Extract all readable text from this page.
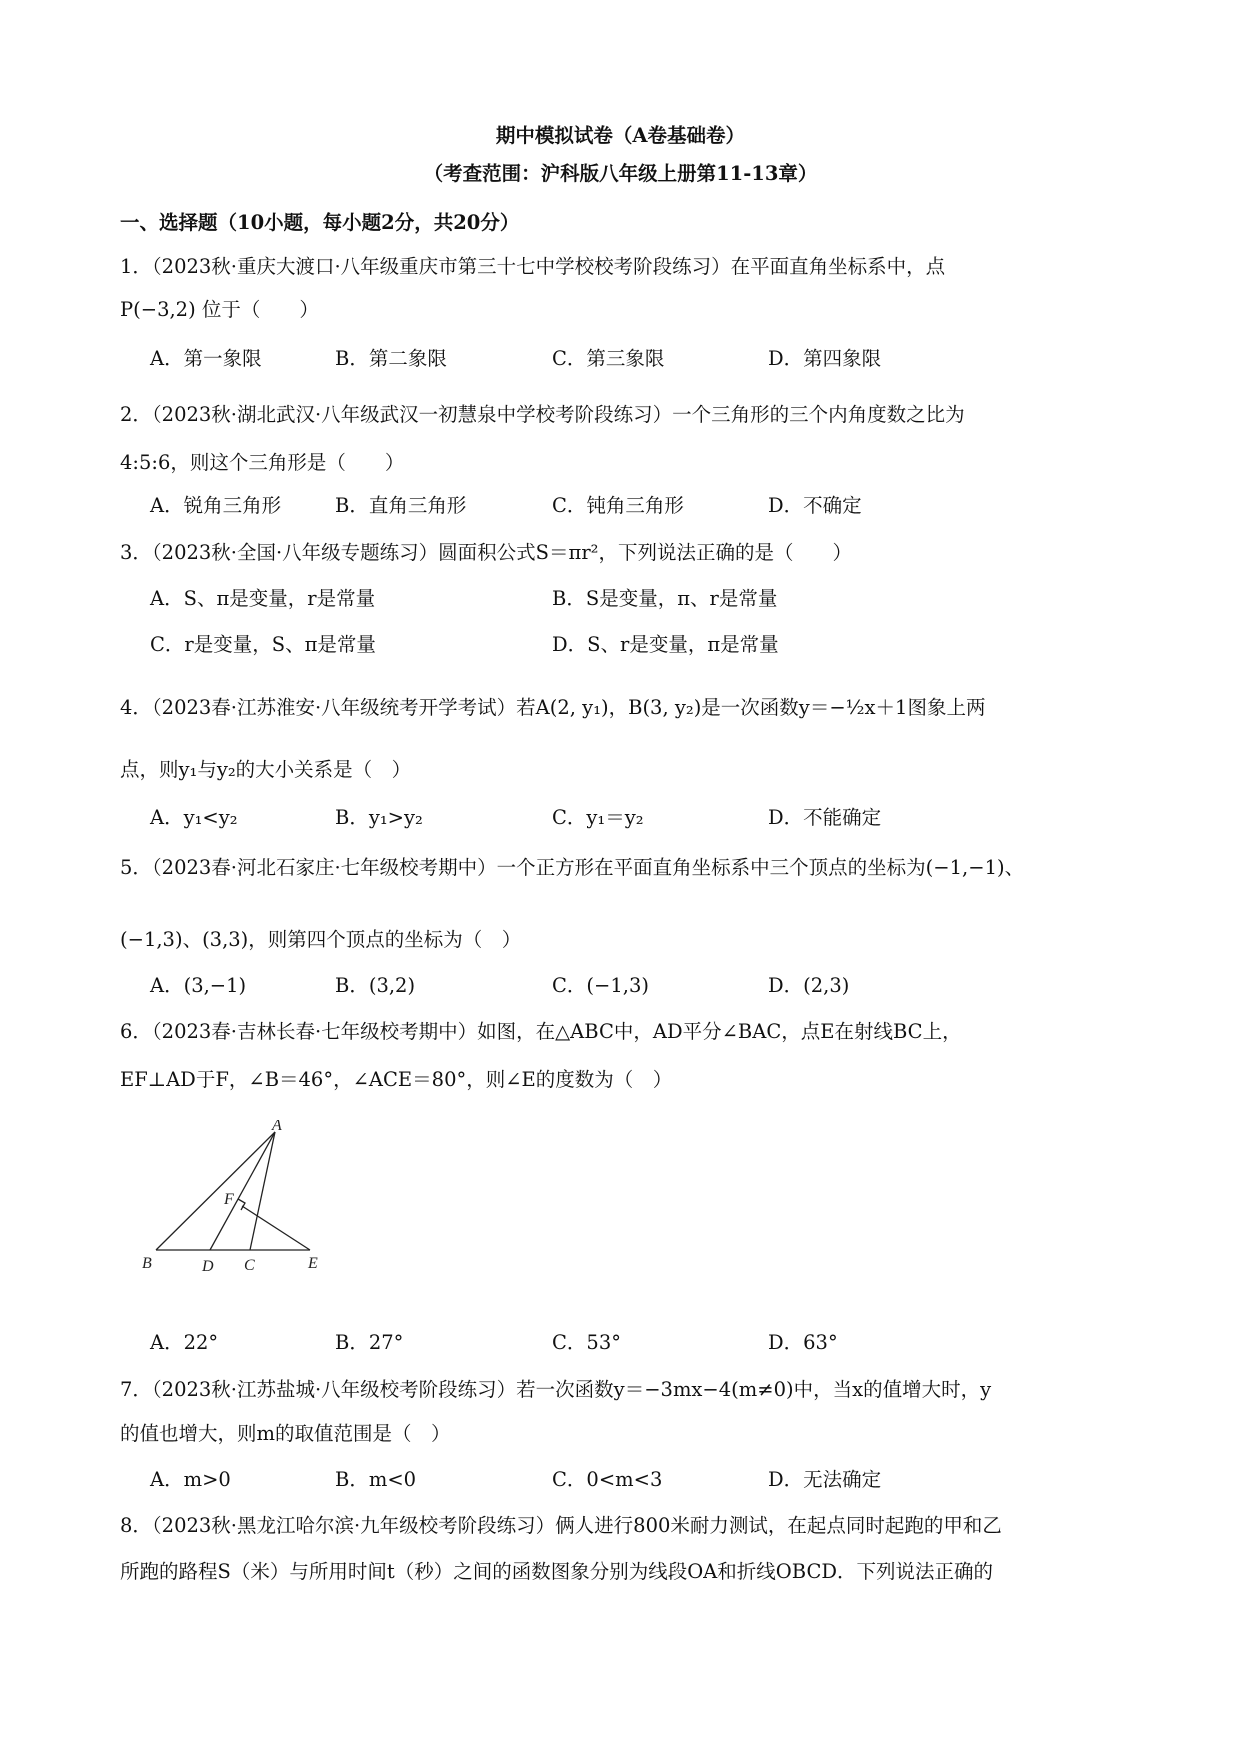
期中模拟试卷（A卷基础卷）
（考查范围：沪科版八年级上册第11-13章）
一、选择题（10小题，每小题2分，共20分）
1．（2023秋·重庆大渡口·八年级重庆市第三十七中学校校考阶段练习）在平面直角坐标系中，点
P(−3,2) 位于（　　）
A．第一象限	B．第二象限	C．第三象限	D．第四象限
2．（2023秋·湖北武汉·八年级武汉一初慧泉中学校考阶段练习）一个三角形的三个内角度数之比为
4:5:6，则这个三角形是（　　）
A．锐角三角形	B．直角三角形	C．钝角三角形	D．不确定
3．（2023秋·全国·八年级专题练习）圆面积公式S＝πr²，下列说法正确的是（　　）
A．S、π是变量，r是常量	B．S是变量，π、r是常量
C．r是变量，S、π是常量	D．S、r是变量，π是常量
4．（2023春·江苏淮安·八年级统考开学考试）若A(2, y₁)，B(3, y₂)是一次函数y＝−½x＋1图象上两
点，则y₁与y₂的大小关系是（　）
A．y₁<y₂	B．y₁>y₂	C．y₁＝y₂	D．不能确定
5．（2023春·河北石家庄·七年级校考期中）一个正方形在平面直角坐标系中三个顶点的坐标为(−1,−1)、
(−1,3)、(3,3)，则第四个顶点的坐标为（　）
A．(3,−1)	B．(3,2)	C．(−1,3)	D．(2,3)
6．（2023春·吉林长春·七年级校考期中）如图，在△ABC中，AD平分∠BAC，点E在射线BC上，
EF⊥AD于F，∠B＝46°，∠ACE＝80°，则∠E的度数为（　）
A
F
B	D C	E
A．22°	B．27°	C．53°	D．63°
7．（2023秋·江苏盐城·八年级校考阶段练习）若一次函数y＝−3mx−4(m≠0)中，当x的值增大时，y
的值也增大，则m的取值范围是（　）
A．m>0	B．m<0	C．0<m<3	D．无法确定
8．（2023秋·黑龙江哈尔滨·九年级校考阶段练习）俩人进行800米耐力测试，在起点同时起跑的甲和乙
所跑的路程S（米）与所用时间t（秒）之间的函数图象分别为线段OA和折线OBCD．下列说法正确的
